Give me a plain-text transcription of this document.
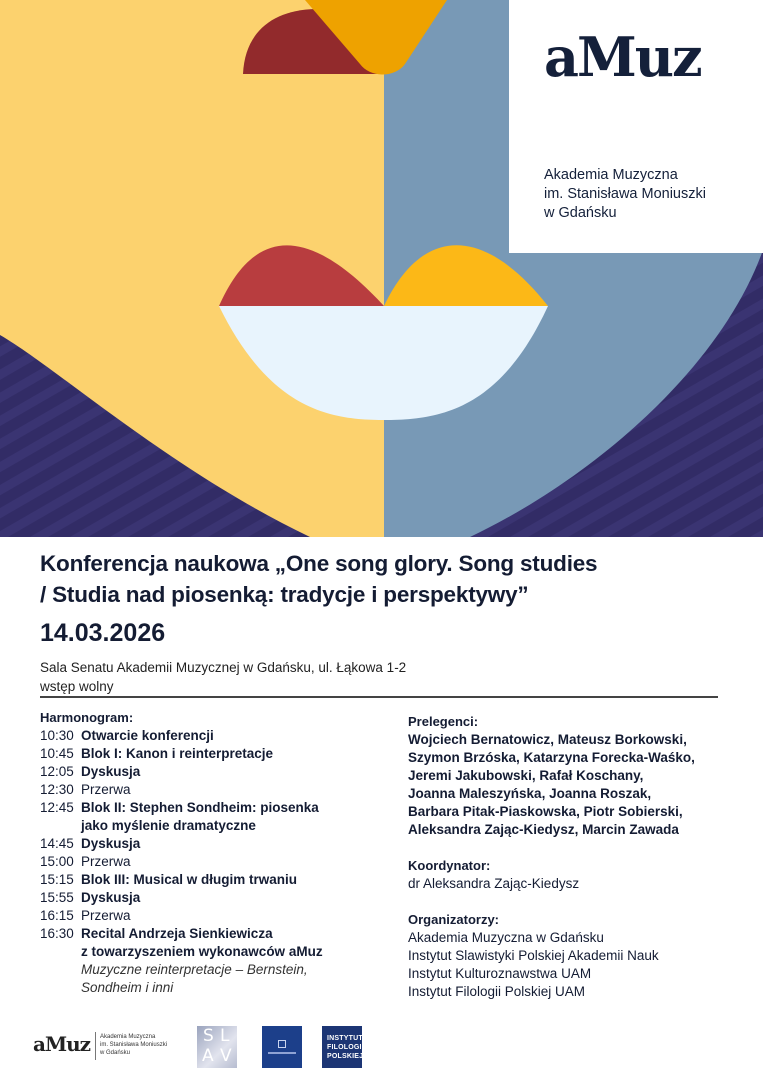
aMuz
Akademia Muzyczna
im. Stanisława Moniuszki
w Gdańsku
Konferencja naukowa „One song glory. Song studies
/ Studia nad piosenką: tradycje i perspektywy”
14.03.2026
Sala Senatu Akademii Muzycznej w Gdańsku, ul. Łąkowa 1-2
wstęp wolny
Harmonogram:
10:30 Otwarcie konferencji
10:45 Blok I: Kanon i reinterpretacje
12:05 Dyskusja
12:30 Przerwa
12:45 Blok II: Stephen Sondheim: piosenka
jako myślenie dramatyczne
14:45 Dyskusja
15:00 Przerwa
15:15 Blok III: Musical w długim trwaniu
15:55 Dyskusja
16:15 Przerwa
16:30 Recital Andrzeja Sienkiewicza
z towarzyszeniem wykonawców aMuz
Muzyczne reinterpretacje – Bernstein,
Sondheim i inni
Prelegenci:
Wojciech Bernatowicz, Mateusz Borkowski,
Szymon Brzóska, Katarzyna Forecka-Waśko,
Jeremi Jakubowski, Rafał Koschany,
Joanna Maleszyńska, Joanna Roszak,
Barbara Pitak-Piaskowska, Piotr Sobierski,
Aleksandra Zając-Kiedysz, Marcin Zawada
Koordynator:
dr Aleksandra Zając-Kiedysz
Organizatorzy:
Akademia Muzyczna w Gdańsku
Instytut Slawistyki Polskiej Akademii Nauk
Instytut Kulturoznawstwa UAM
Instytut Filologii Polskiej UAM
aMuz Akademia Muzyczna
im. Stanisława Moniuszki
w Gdańsku
S L
A V
INSTYTUT
FILOLOGII
POLSKIEJ
